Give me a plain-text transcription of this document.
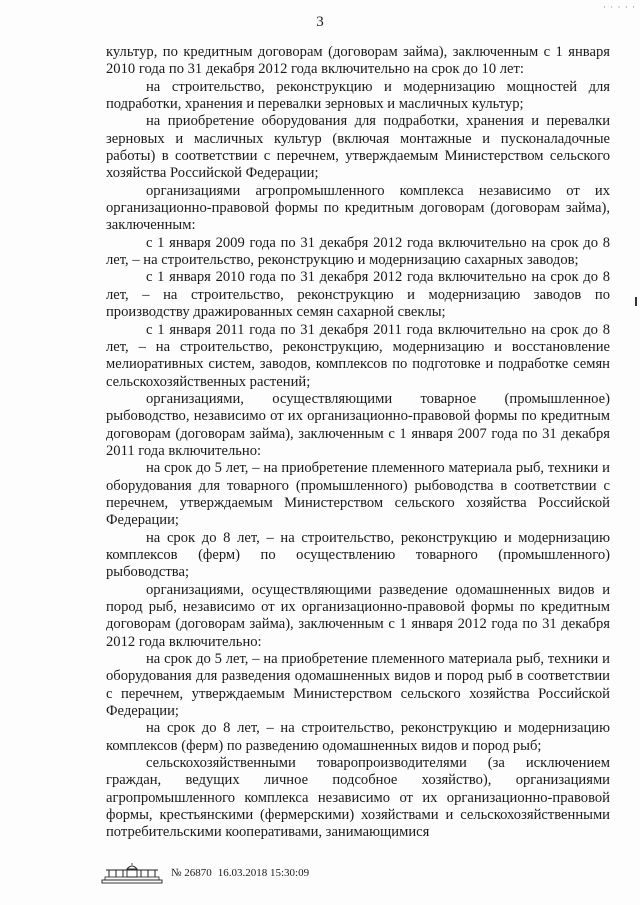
· · · · ·
3

культур, по кредитным договорам (договорам займа), заключенным с 1 января 2010 года по 31 декабря 2012 года включительно на срок до 10 лет:

на строительство, реконструкцию и модернизацию мощностей для подработки, хранения и перевалки зерновых и масличных культур;

на приобретение оборудования для подработки, хранения и перевалки зерновых и масличных культур (включая монтажные и пусконаладочные работы) в соответствии с перечнем, утверждаемым Министерством сельского хозяйства Российской Федерации;

организациями агропромышленного комплекса независимо от их организационно-правовой формы по кредитным договорам (договорам займа), заключенным:

с 1 января 2009 года по 31 декабря 2012 года включительно на срок до 8 лет, – на строительство, реконструкцию и модернизацию сахарных заводов;

с 1 января 2010 года по 31 декабря 2012 года включительно на срок до 8 лет, – на строительство, реконструкцию и модернизацию заводов по производству дражированных семян сахарной свеклы;

с 1 января 2011 года по 31 декабря 2011 года включительно на срок до 8 лет, – на строительство, реконструкцию, модернизацию и восстановление мелиоративных систем, заводов, комплексов по подготовке и подработке семян сельскохозяйственных растений;

организациями, осуществляющими товарное (промышленное) рыбоводство, независимо от их организационно-правовой формы по кредитным договорам (договорам займа), заключенным с 1 января 2007 года по 31 декабря 2011 года включительно:

на срок до 5 лет, – на приобретение племенного материала рыб, техники и оборудования для товарного (промышленного) рыбоводства в соответствии с перечнем, утверждаемым Министерством сельского хозяйства Российской Федерации;

на срок до 8 лет, – на строительство, реконструкцию и модернизацию комплексов (ферм) по осуществлению товарного (промышленного) рыбоводства;

организациями, осуществляющими разведение одомашненных видов и пород рыб, независимо от их организационно-правовой формы по кредитным договорам (договорам займа), заключенным с 1 января 2012 года по 31 декабря 2012 года включительно:

на срок до 5 лет, – на приобретение племенного материала рыб, техники и оборудования для разведения одомашненных видов и пород рыб в соответствии с перечнем, утверждаемым Министерством сельского хозяйства Российской Федерации;

на срок до 8 лет, – на строительство, реконструкцию и модернизацию комплексов (ферм) по разведению одомашненных видов и пород рыб;

сельскохозяйственными товаропроизводителями (за исключением граждан, ведущих личное подсобное хозяйство), организациями агропромышленного комплекса независимо от их организационно-правовой формы, крестьянскими (фермерскими) хозяйствами и сельскохозяйственными потребительскими кооперативами, занимающимися

№ 26870 16.03.2018 15:30:09
